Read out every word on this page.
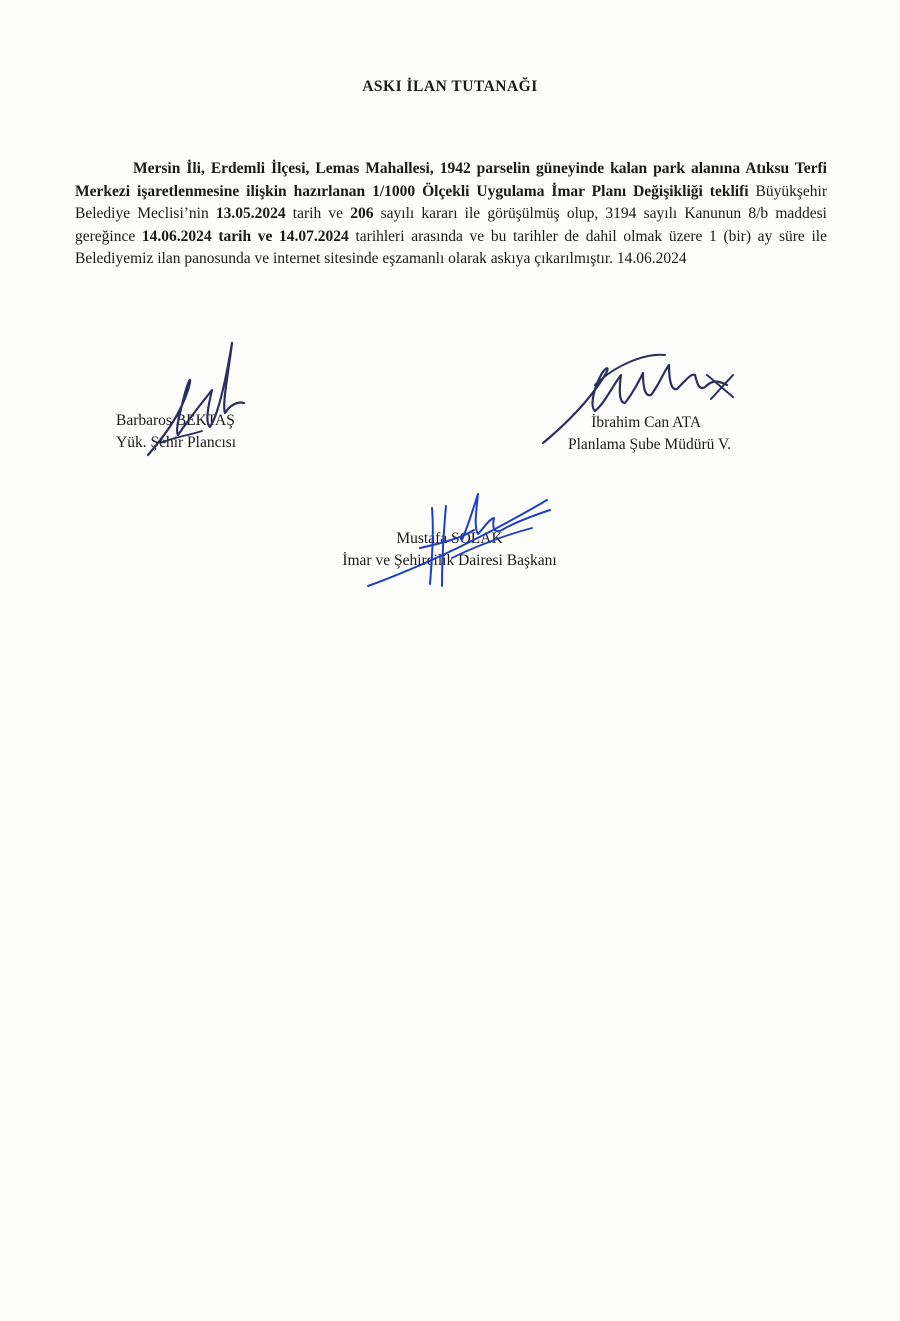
ASKI İLAN TUTANAĞI

Mersin İli, Erdemli İlçesi, Lemas Mahallesi, 1942 parselin güneyinde kalan park alanına Atıksu Terfi Merkezi işaretlenmesine ilişkin hazırlanan 1/1000 Ölçekli Uygulama İmar Planı Değişikliği teklifi Büyükşehir Belediye Meclisi’nin 13.05.2024 tarih ve 206 sayılı kararı ile görüşülmüş olup, 3194 sayılı Kanunun 8/b maddesi gereğince 14.06.2024 tarih ve 14.07.2024 tarihleri arasında ve bu tarihler de dahil olmak üzere 1 (bir) ay süre ile Belediyemiz ilan panosunda ve internet sitesinde eşzamanlı olarak askıya çıkarılmıştır. 14.06.2024

Barbaros BEKTAŞ
Yük. Şehir Plancısı
İbrahim Can ATA
Planlama Şube Müdürü V.
Mustafa SOLAK
İmar ve Şehircilik Dairesi Başkanı
